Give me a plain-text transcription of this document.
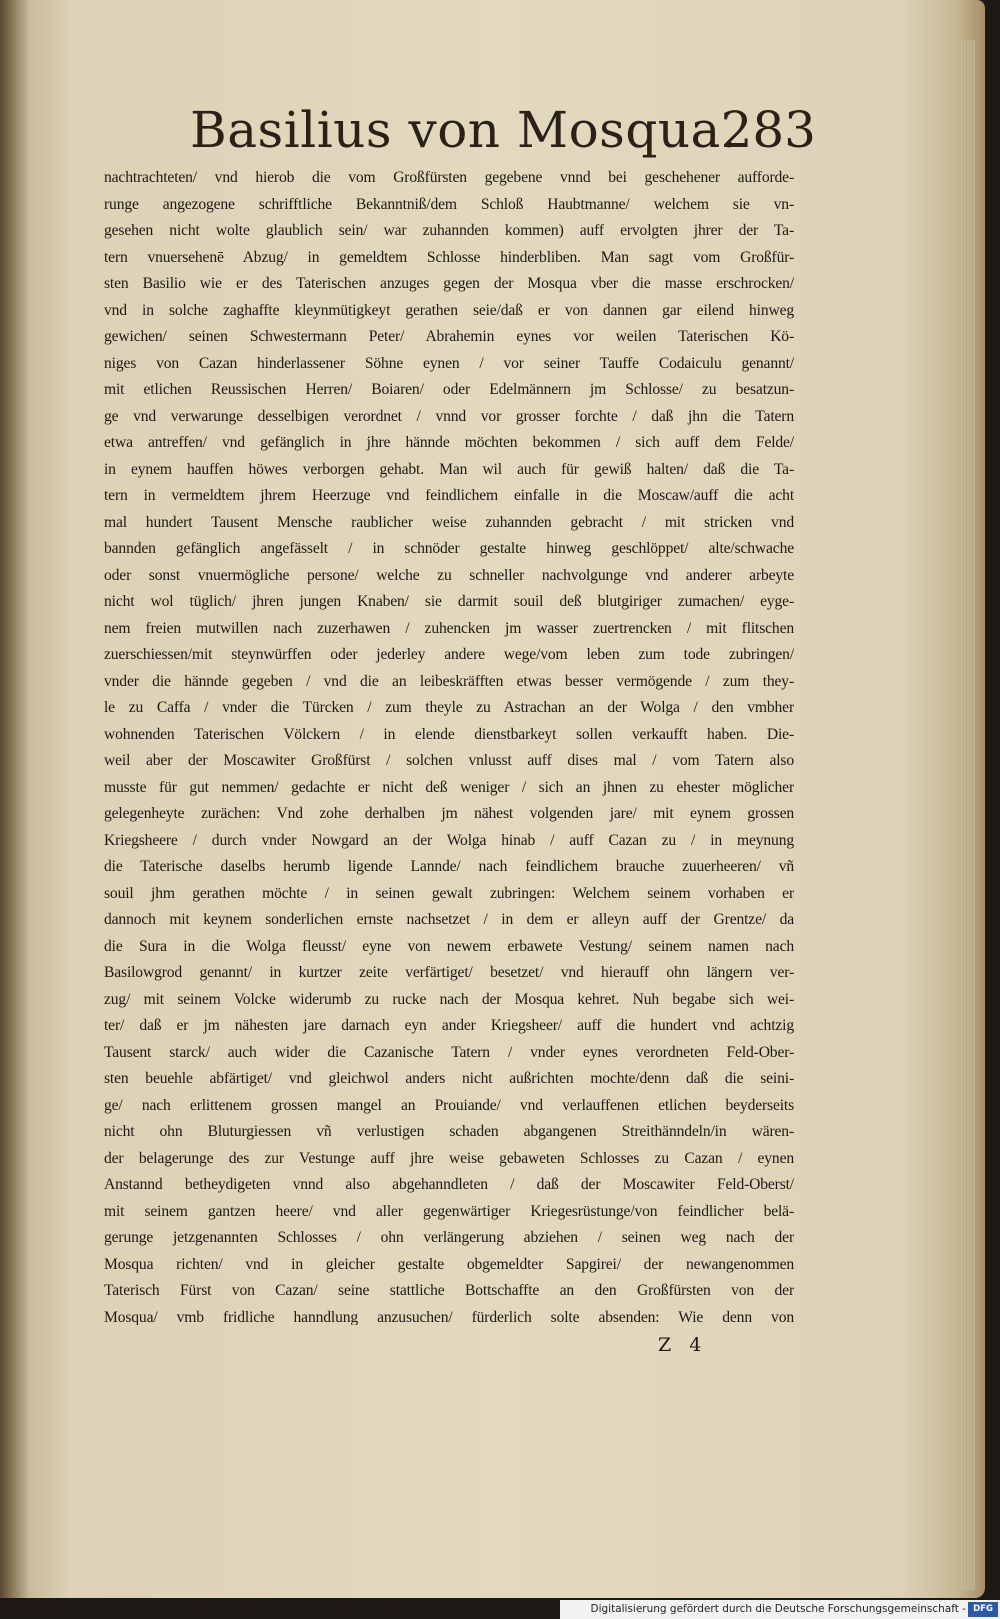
Basilius von Mosqua.
283
nachtrachteten/ vnd hierob die vom Großfürsten gegebene vnnd bei geschehener aufforde-
runge angezogene schrifftliche Bekanntniß/dem Schloß Haubtmanne/ welchem sie vn-
gesehen nicht wolte glaublich sein/ war zuhannden kommen) auff ervolgten jhrer der Ta-
tern vnuersehenē Abzug/ in gemeldtem Schlosse hinderbliben. Man sagt vom Großfür-
sten Basilio wie er des Taterischen anzuges gegen der Mosqua vber die masse erschrocken/
vnd in solche zaghaffte kleynmütigkeyt gerathen seie/daß er von dannen gar eilend hinweg
gewichen/ seinen Schwestermann Peter/ Abrahemin eynes vor weilen Taterischen Kö-
niges von Cazan hinderlassener Söhne eynen / vor seiner Tauffe Codaiculu genannt/
mit etlichen Reussischen Herren/ Boiaren/ oder Edelmännern jm Schlosse/ zu besatzun-
ge vnd verwarunge desselbigen verordnet / vnnd vor grosser forchte / daß jhn die Tatern
etwa antreffen/ vnd gefänglich in jhre hännde möchten bekommen / sich auff dem Felde/
in eynem hauffen höwes verborgen gehabt. Man wil auch für gewiß halten/ daß die Ta-
tern in vermeldtem jhrem Heerzuge vnd feindlichem einfalle in die Moscaw/auff die acht
mal hundert Tausent Mensche raublicher weise zuhannden gebracht / mit stricken vnd
bannden gefänglich angefässelt / in schnöder gestalte hinweg geschlöppet/ alte/schwache
oder sonst vnuermögliche persone/ welche zu schneller nachvolgunge vnd anderer arbeyte
nicht wol tüglich/ jhren jungen Knaben/ sie darmit souil deß blutgiriger zumachen/ eyge-
nem freien mutwillen nach zuzerhawen / zuhencken jm wasser zuertrencken / mit flitschen
zuerschiessen/mit steynwürffen oder jederley andere wege/vom leben zum tode zubringen/
vnder die hännde gegeben / vnd die an leibeskräfften etwas besser vermögende / zum they-
le zu Caffa / vnder die Türcken / zum theyle zu Astrachan an der Wolga / den vmbher
wohnenden Taterischen Völckern / in elende dienstbarkeyt sollen verkaufft haben. Die-
weil aber der Moscawiter Großfürst / solchen vnlusst auff dises mal / vom Tatern also
musste für gut nemmen/ gedachte er nicht deß weniger / sich an jhnen zu ehester möglicher
gelegenheyte zurächen: Vnd zohe derhalben jm nähest volgenden jare/ mit eynem grossen
Kriegsheere / durch vnder Nowgard an der Wolga hinab / auff Cazan zu / in meynung
die Taterische daselbs herumb ligende Lannde/ nach feindlichem brauche zuuerheeren/ vñ
souil jhm gerathen möchte / in seinen gewalt zubringen: Welchem seinem vorhaben er
dannoch mit keynem sonderlichen ernste nachsetzet / in dem er alleyn auff der Grentze/ da
die Sura in die Wolga fleusst/ eyne von newem erbawete Vestung/ seinem namen nach
Basilowgrod genannt/ in kurtzer zeite verfärtiget/ besetzet/ vnd hierauff ohn längern ver-
zug/ mit seinem Volcke widerumb zu rucke nach der Mosqua kehret. Nuh begabe sich wei-
ter/ daß er jm nähesten jare darnach eyn ander Kriegsheer/ auff die hundert vnd achtzig
Tausent starck/ auch wider die Cazanische Tatern / vnder eynes verordneten Feld-Ober-
sten beuehle abfärtiget/ vnd gleichwol anders nicht außrichten mochte/denn daß die seini-
ge/ nach erlittenem grossen mangel an Prouiande/ vnd verlauffenen etlichen beyderseits
nicht ohn Bluturgiessen vñ verlustigen schaden abgangenen Streithänndeln/in wären-
der belagerunge des zur Vestunge auff jhre weise gebaweten Schlosses zu Cazan / eynen
Anstannd betheydigeten vnnd also abgehanndleten / daß der Moscawiter Feld-Oberst/
mit seinem gantzen heere/ vnd aller gegenwärtiger Kriegesrüstunge/von feindlicher belä-
gerunge jetzgenannten Schlosses / ohn verlängerung abziehen / seinen weg nach der
Mosqua richten/ vnd in gleicher gestalte obgemeldter Sapgirei/ der newangenommen
Taterisch Fürst von Cazan/ seine stattliche Bottschaffte an den Großfürsten von der
Mosqua/ vmb fridliche hanndlung anzusuchen/ fürderlich solte absenden: Wie denn von
Z 4
Digitalisierung gefördert durch die Deutsche Forschungsgemeinschaft - DFG
